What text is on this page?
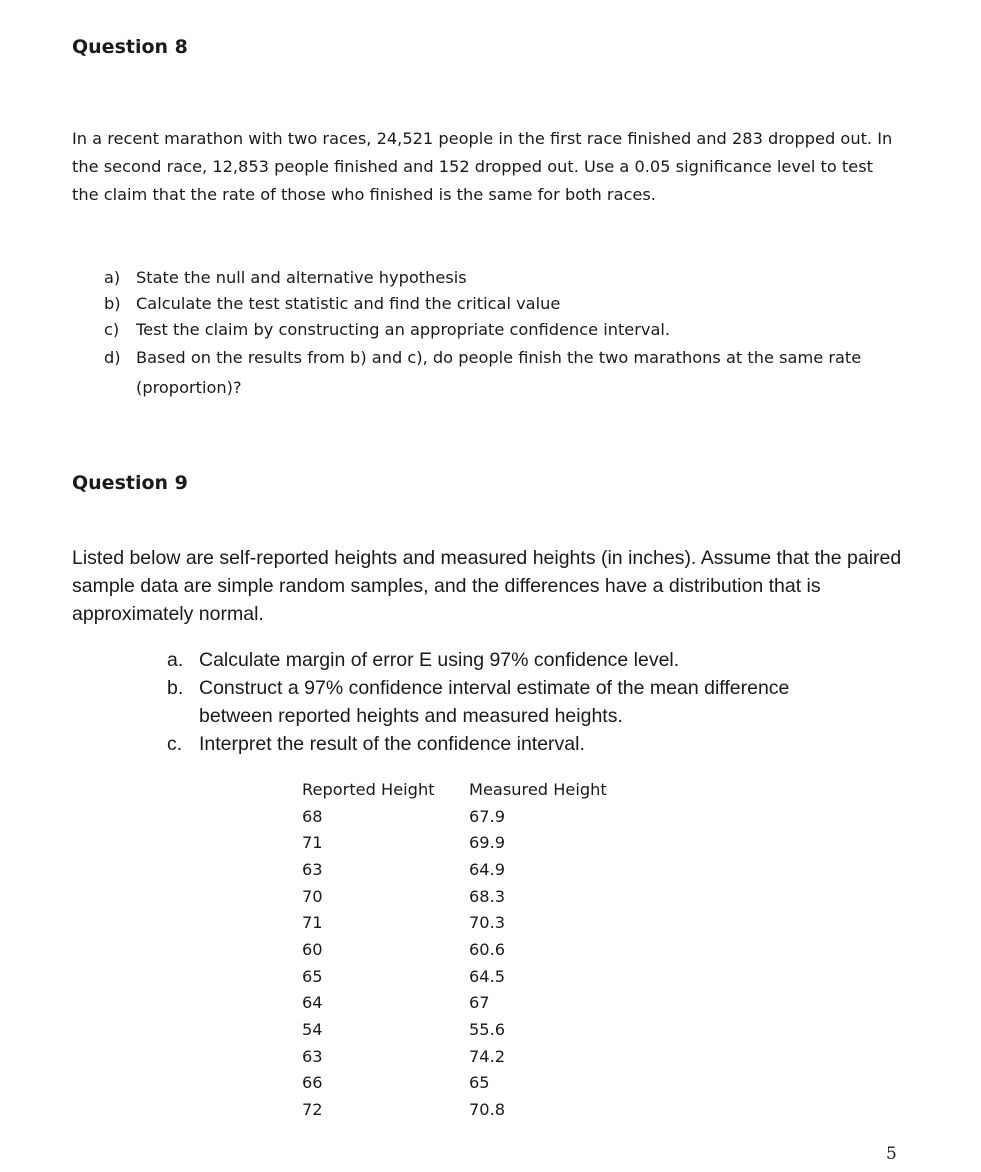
Question 8

In a recent marathon with two races, 24,521 people in the first race finished and 283 dropped out. In the second race, 12,853 people finished and 152 dropped out. Use a 0.05 significance level to test the claim that the rate of those who finished is the same for both races.

a) State the null and alternative hypothesis
b) Calculate the test statistic and find the critical value
c)	Test the claim by constructing an appropriate confidence interval.
d) Based on the results from b) and c), do people finish the two marathons at the same rate (proportion)?
Question 9

Listed below are self-reported heights and measured heights (in inches). Assume that the paired sample data are simple random samples, and the differences have a distribution that is approximately normal.

a. Calculate margin of error E using 97% confidence level.
b. Construct a 97% confidence interval estimate of the mean difference between reported heights and measured heights.
c. Interpret the result of the confidence interval.
Reported Height	Measured Height
68	67.9
71	69.9
63	64.9
70	68.3
71	70.3
60	60.6
65	64.5
64	67
54	55.6
63	74.2
66	65
72	70.8

5
